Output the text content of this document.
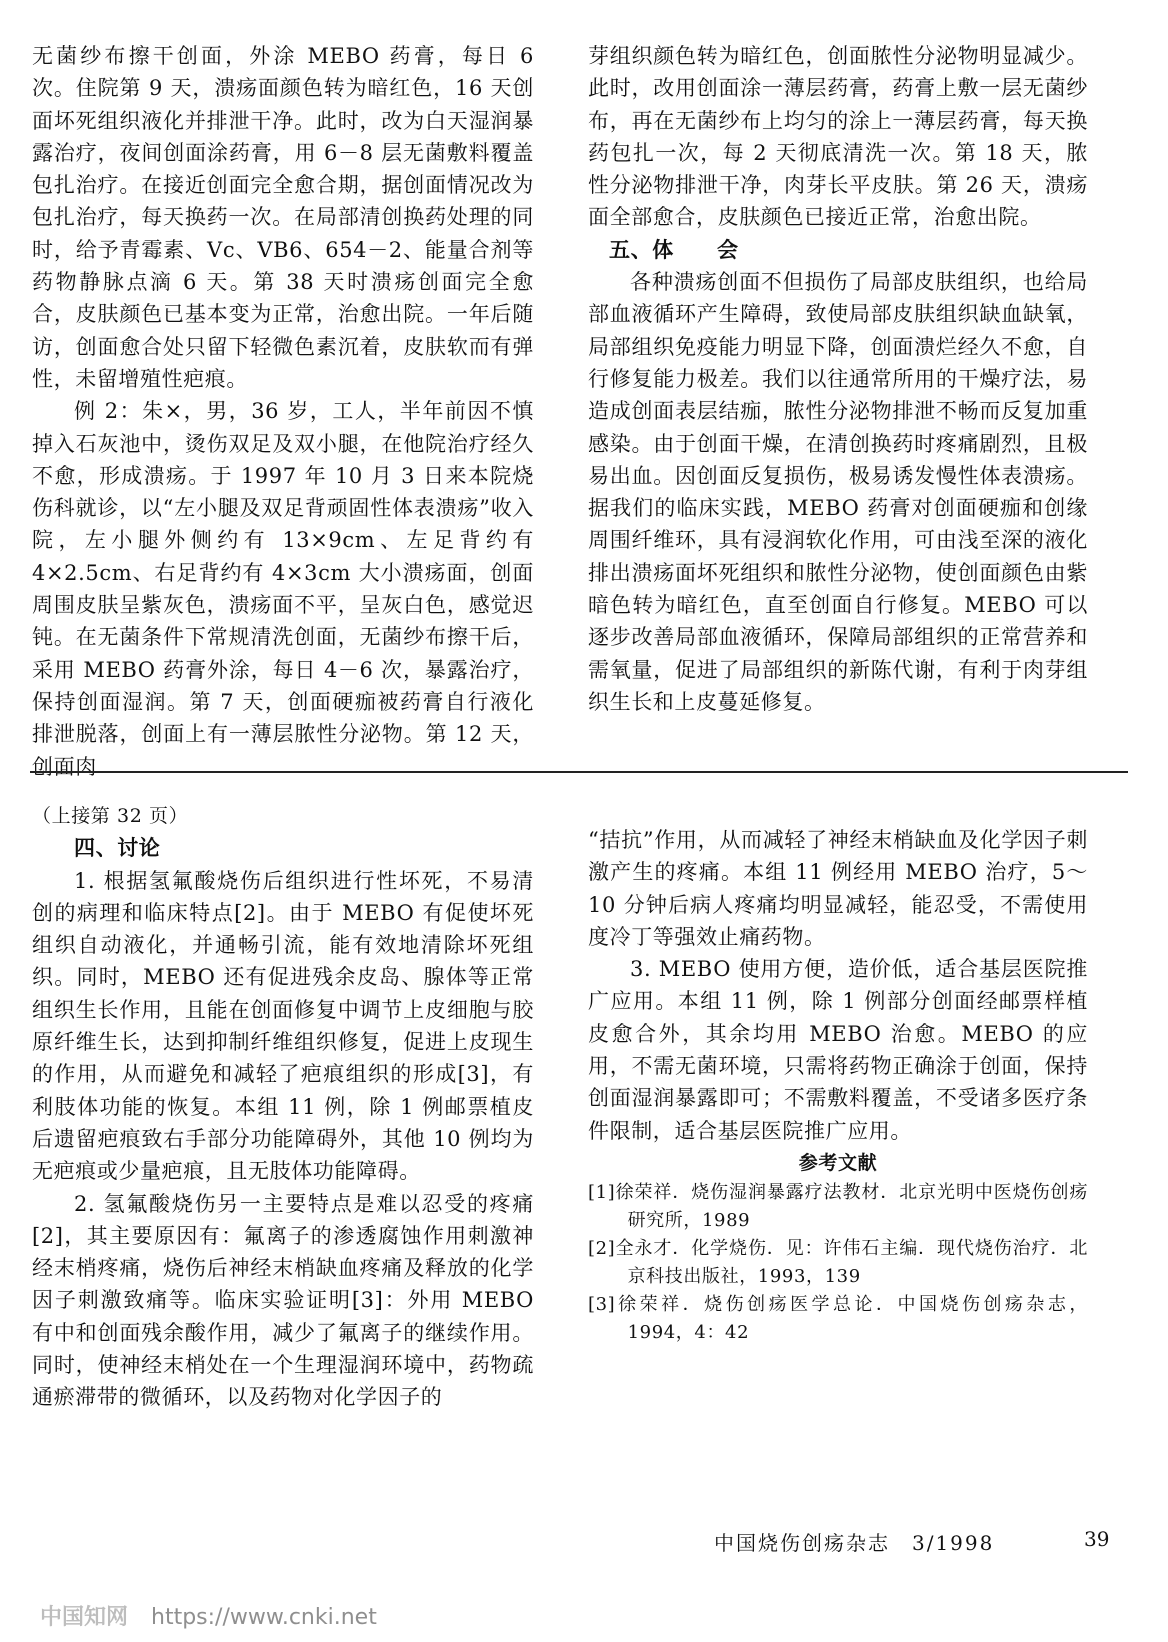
无菌纱布擦干创面，外涂 MEBO 药膏，每日 6 次。住院第 9 天，溃疡面颜色转为暗红色，16 天创面坏死组织液化并排泄干净。此时，改为白天湿润暴露治疗，夜间创面涂药膏，用 6－8 层无菌敷料覆盖包扎治疗。在接近创面完全愈合期，据创面情况改为包扎治疗，每天换药一次。在局部清创换药处理的同时，给予青霉素、Vc、VB6、654－2、能量合剂等药物静脉点滴 6 天。第 38 天时溃疡创面完全愈合，皮肤颜色已基本变为正常，治愈出院。一年后随访，创面愈合处只留下轻微色素沉着，皮肤软而有弹性，未留增殖性疤痕。

例 2：朱×，男，36 岁，工人，半年前因不慎掉入石灰池中，烫伤双足及双小腿，在他院治疗经久不愈，形成溃疡。于 1997 年 10 月 3 日来本院烧伤科就诊，以“左小腿及双足背顽固性体表溃疡”收入院，左小腿外侧约有 13×9cm、左足背约有 4×2.5cm、右足背约有 4×3cm 大小溃疡面，创面周围皮肤呈紫灰色，溃疡面不平，呈灰白色，感觉迟钝。在无菌条件下常规清洗创面，无菌纱布擦干后，采用 MEBO 药膏外涂，每日 4－6 次，暴露治疗，保持创面湿润。第 7 天，创面硬痂被药膏自行液化排泄脱落，创面上有一薄层脓性分泌物。第 12 天，创面肉

芽组织颜色转为暗红色，创面脓性分泌物明显减少。此时，改用创面涂一薄层药膏，药膏上敷一层无菌纱布，再在无菌纱布上均匀的涂上一薄层药膏，每天换药包扎一次，每 2 天彻底清洗一次。第 18 天，脓性分泌物排泄干净，肉芽长平皮肤。第 26 天，溃疡面全部愈合，皮肤颜色已接近正常，治愈出院。

五、体　　会

各种溃疡创面不但损伤了局部皮肤组织，也给局部血液循环产生障碍，致使局部皮肤组织缺血缺氧，局部组织免疫能力明显下降，创面溃烂经久不愈，自行修复能力极差。我们以往通常所用的干燥疗法，易造成创面表层结痂，脓性分泌物排泄不畅而反复加重感染。由于创面干燥，在清创换药时疼痛剧烈，且极易出血。因创面反复损伤，极易诱发慢性体表溃疡。据我们的临床实践，MEBO 药膏对创面硬痂和创缘周围纤维环，具有浸润软化作用，可由浅至深的液化排出溃疡面坏死组织和脓性分泌物，使创面颜色由紫暗色转为暗红色，直至创面自行修复。MEBO 可以逐步改善局部血液循环，保障局部组织的正常营养和需氧量，促进了局部组织的新陈代谢，有利于肉芽组织生长和上皮蔓延修复。

（上接第 32 页）

四、讨论

1. 根据氢氟酸烧伤后组织进行性坏死，不易清创的病理和临床特点[2]。由于 MEBO 有促使坏死组织自动液化，并通畅引流，能有效地清除坏死组织。同时，MEBO 还有促进残余皮岛、腺体等正常组织生长作用，且能在创面修复中调节上皮细胞与胶原纤维生长，达到抑制纤维组织修复，促进上皮现生的作用，从而避免和减轻了疤痕组织的形成[3]，有利肢体功能的恢复。本组 11 例，除 1 例邮票植皮后遗留疤痕致右手部分功能障碍外，其他 10 例均为无疤痕或少量疤痕，且无肢体功能障碍。

2. 氢氟酸烧伤另一主要特点是难以忍受的疼痛[2]，其主要原因有：氟离子的渗透腐蚀作用刺激神经末梢疼痛，烧伤后神经末梢缺血疼痛及释放的化学因子刺激致痛等。临床实验证明[3]：外用 MEBO 有中和创面残余酸作用，减少了氟离子的继续作用。同时，使神经末梢处在一个生理湿润环境中，药物疏通瘀滞带的微循环，以及药物对化学因子的

“拮抗”作用，从而减轻了神经末梢缺血及化学因子刺激产生的疼痛。本组 11 例经用 MEBO 治疗，5～10 分钟后病人疼痛均明显减轻，能忍受，不需使用度冷丁等强效止痛药物。

3. MEBO 使用方便，造价低，适合基层医院推广应用。本组 11 例，除 1 例部分创面经邮票样植皮愈合外，其余均用 MEBO 治愈。MEBO 的应用，不需无菌环境，只需将药物正确涂于创面，保持创面湿润暴露即可；不需敷料覆盖，不受诸多医疗条件限制，适合基层医院推广应用。

参考文献

[1]徐荣祥．烧伤湿润暴露疗法教材．北京光明中医烧伤创疡研究所，1989

[2]全永才．化学烧伤．见：许伟石主编．现代烧伤治疗．北京科技出版社，1993，139

[3]徐荣祥．烧伤创疡医学总论．中国烧伤创疡杂志，1994，4：42

中国烧伤创疡杂志　3/1998	39
中国知网 https://www.cnki.net
